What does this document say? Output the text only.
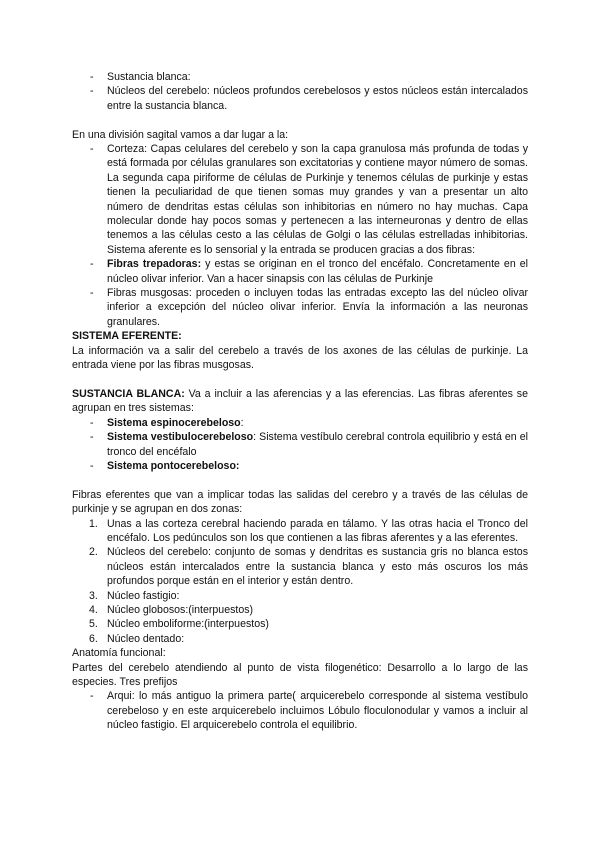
- Sustancia blanca:
- Núcleos del cerebelo: núcleos profundos cerebelosos y estos núcleos están intercalados entre la sustancia blanca.

En una división sagital vamos a dar lugar a la:

- Corteza: Capas celulares del cerebelo y son la capa granulosa más profunda de todas y está formada por células granulares son excitatorias y contiene mayor número de somas. La segunda capa piriforme de células de Purkinje y tenemos células de purkinje y estas tienen la peculiaridad de que tienen somas muy grandes y van a presentar un alto número de dendritas estas células son inhibitorias en número no hay muchas. Capa molecular donde hay pocos somas y pertenecen a las interneuronas y dentro de ellas tenemos a las células cesto a las células de Golgi o las células estrelladas inhibitorias. Sistema aferente es lo sensorial y la entrada se producen gracias a dos fibras:
- Fibras trepadoras: y estas se originan en el tronco del encéfalo. Concretamente en el núcleo olivar inferior. Van a hacer sinapsis con las células de Purkinje
- Fibras musgosas: proceden o incluyen todas las entradas excepto las del núcleo olivar inferior a excepción del núcleo olivar inferior. Envía la información a las neuronas granulares.

SISTEMA EFERENTE:

La información va a salir del cerebelo a través de los axones de las células de purkinje. La entrada viene por las fibras musgosas.

SUSTANCIA BLANCA: Va a incluir a las aferencias y a las eferencias. Las fibras aferentes se agrupan en tres sistemas:

- Sistema espinocerebeloso:
- Sistema vestibulocerebeloso: Sistema vestíbulo cerebral controla equilibrio y está en el tronco del encéfalo
- Sistema pontocerebeloso:

Fibras eferentes que van a implicar todas las salidas del cerebro y a través de las células de purkinje y se agrupan en dos zonas:

1. Unas a las corteza cerebral haciendo parada en tálamo. Y las otras hacia el Tronco del encéfalo. Los pedúnculos son los que contienen a las fibras aferentes y a las eferentes.
2. Núcleos del cerebelo: conjunto de somas y dendritas es sustancia gris no blanca estos núcleos están intercalados entre la sustancia blanca y esto más oscuros los más profundos porque están en el interior y están dentro.
3. Núcleo fastigio:
4. Núcleo globosos:(interpuestos)
5. Núcleo emboliforme:(interpuestos)
6. Núcleo dentado:

Anatomía funcional:

Partes del cerebelo atendiendo al punto de vista filogenético: Desarrollo a lo largo de las especies. Tres prefijos

- Arqui: lo más antiguo la primera parte( arquicerebelo corresponde al sistema vestíbulo cerebeloso y en este arquicerebelo incluimos Lóbulo floculonodular y vamos a incluir al núcleo fastigio. El arquicerebelo controla el equilibrio.
